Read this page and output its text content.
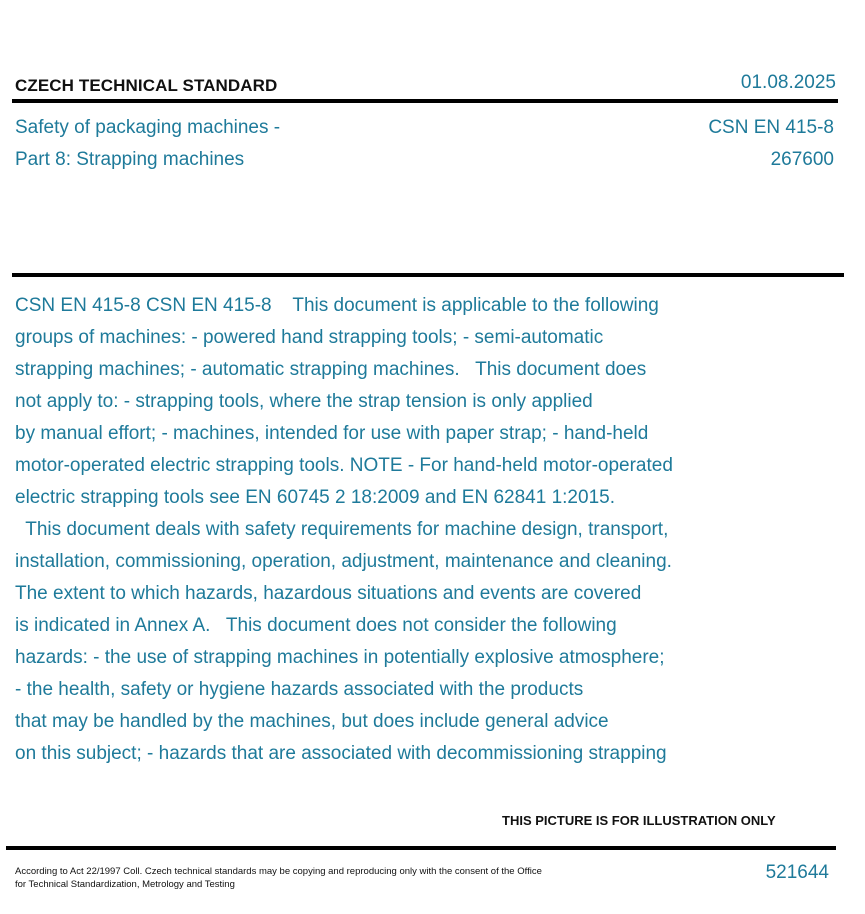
CZECH TECHNICAL STANDARD	01.08.2025
Safety of packaging machines -
Part 8: Strapping machines
CSN EN 415-8
267600
CSN EN 415-8 CSN EN 415-8    This document is applicable to the following
groups of machines: - powered hand strapping tools; - semi-automatic
strapping machines; - automatic strapping machines.   This document does
not apply to: - strapping tools, where the strap tension is only applied
by manual effort; - machines, intended for use with paper strap; - hand-held
motor-operated electric strapping tools. NOTE - For hand-held motor-operated
electric strapping tools see EN 60745 2 18:2009 and EN 62841 1:2015.
This document deals with safety requirements for machine design, transport,
installation, commissioning, operation, adjustment, maintenance and cleaning.
The extent to which hazards, hazardous situations and events are covered
is indicated in Annex A.   This document does not consider the following
hazards: - the use of strapping machines in potentially explosive atmosphere;
- the health, safety or hygiene hazards associated with the products
that may be handled by the machines, but does include general advice
on this subject; - hazards that are associated with decommissioning strapping
THIS PICTURE IS FOR ILLUSTRATION ONLY
According to Act 22/1997 Coll. Czech technical standards may be copying and reproducing only with the consent of the Office
for Technical Standardization, Metrology and Testing
521644
